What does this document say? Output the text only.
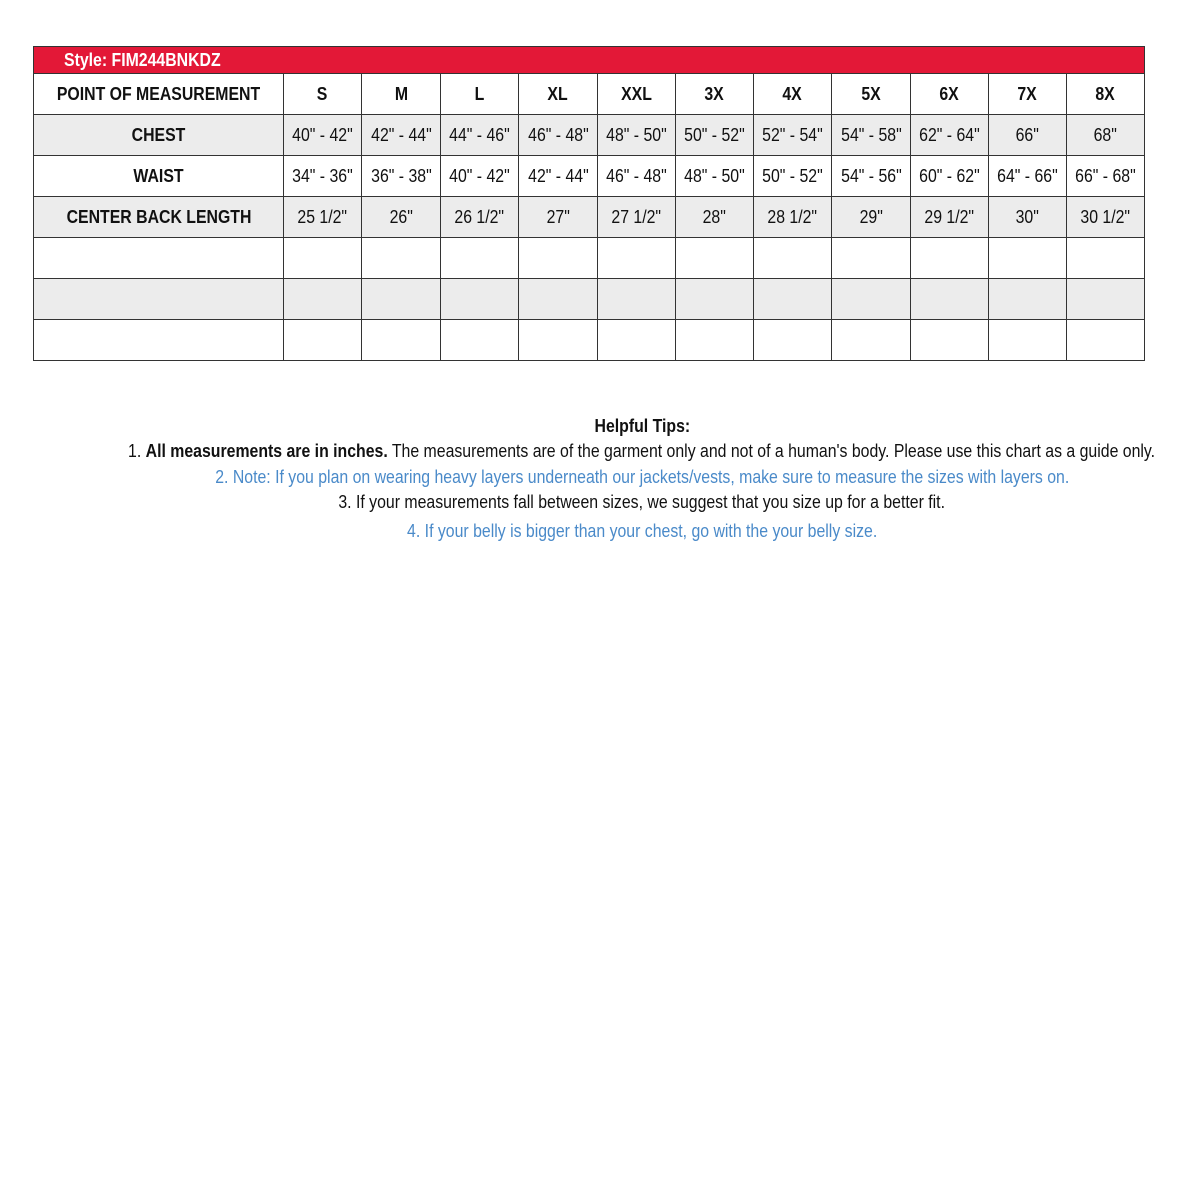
Style: FIM244BNKDZ											
POINT OF MEASUREMENT	S	M	L	XL	XXL	3X	4X	5X	6X	7X	8X
CHEST	40" - 42"	42" - 44"	44" - 46"	46" - 48"	48" - 50"	50" - 52"	52" - 54"	54" - 58"	62" - 64"	66"	68"
WAIST	34" - 36"	36" - 38"	40" - 42"	42" - 44"	46" - 48"	48" - 50"	50" - 52"	54" - 56"	60" - 62"	64" - 66"	66" - 68"
CENTER BACK LENGTH	25 1/2"	26"	26 1/2"	27"	27 1/2"	28"	28 1/2"	29"	29 1/2"	30"	30 1/2"

Helpful Tips:
1. All measurements are in inches. The measurements are of the garment only and not of a human's body. Please use this chart as a guide only.
2. Note: If you plan on wearing heavy layers underneath our jackets/vests, make sure to measure the sizes with layers on.
3. If your measurements fall between sizes, we suggest that you size up for a better fit.
4. If your belly is bigger than your chest, go with the your belly size.
